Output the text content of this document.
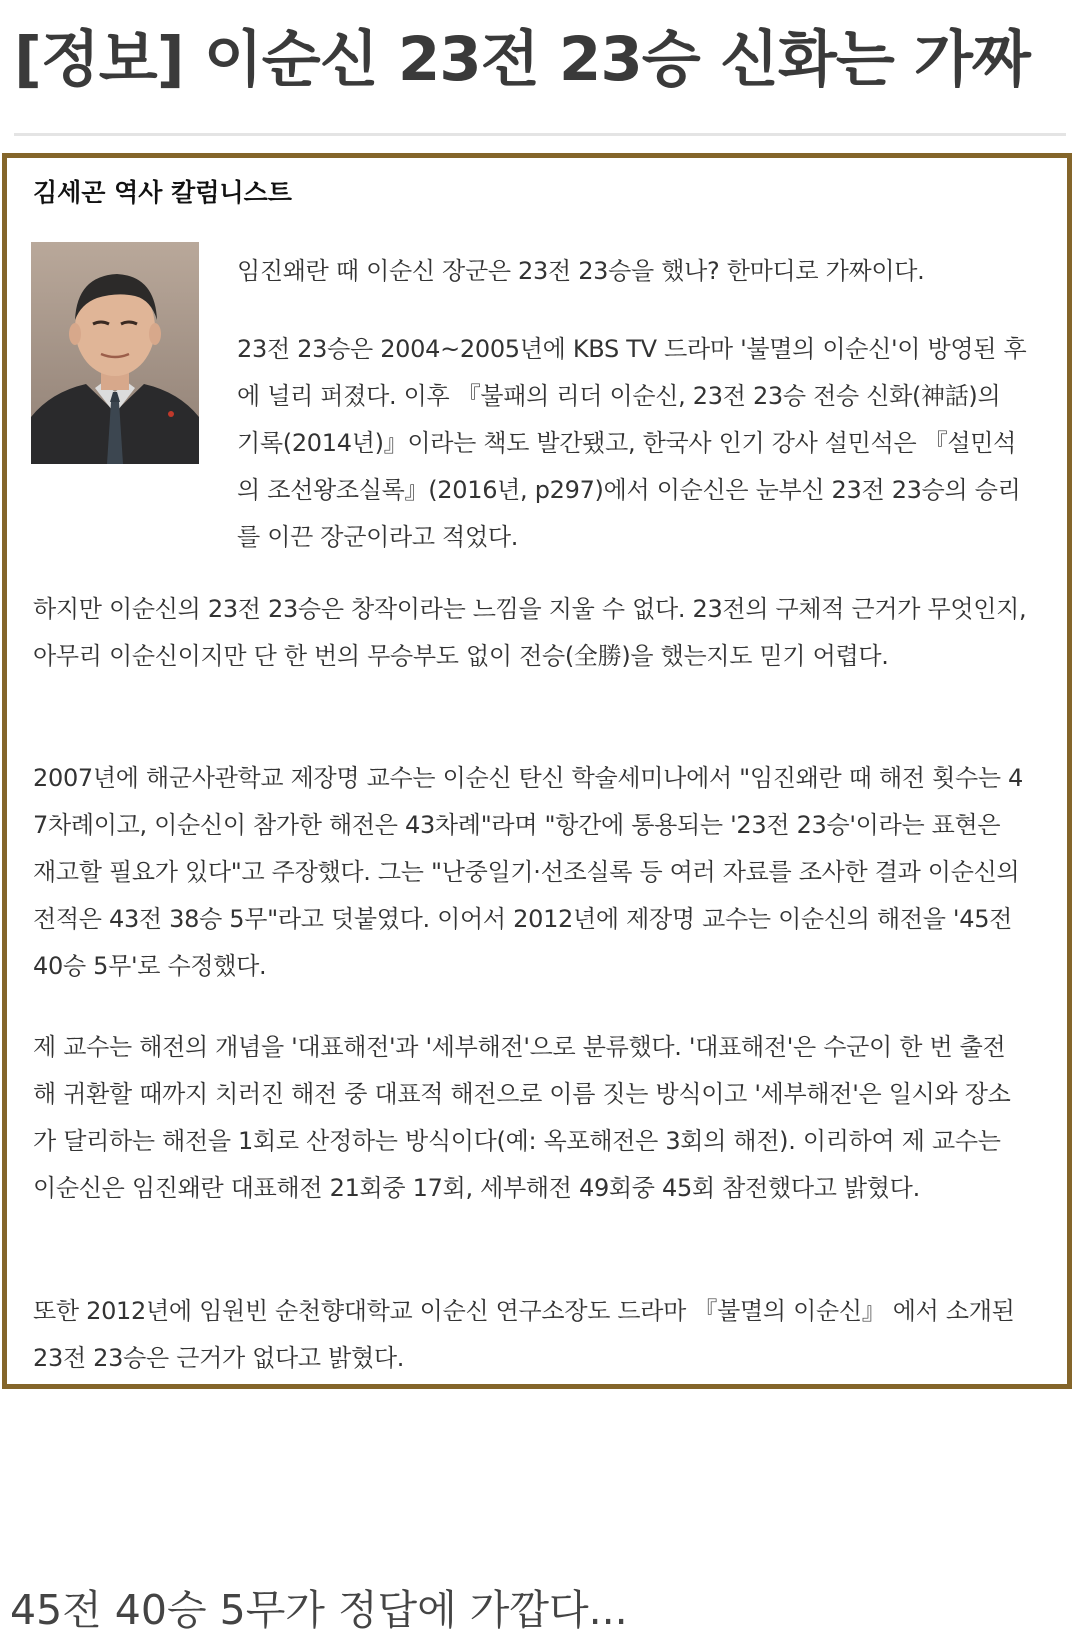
[정보] 이순신 23전 23승 신화는 가짜

김세곤 역사 칼럼니스트

임진왜란 때 이순신 장군은 23전 23승을 했나? 한마디로 가짜이다.

23전 23승은 2004~2005년에 KBS TV 드라마 '불멸의 이순신'이 방영된 후에 널리 퍼졌다. 이후 『불패의 리더 이순신, 23전 23승 전승 신화(神話)의 기록(2014년)』이라는 책도 발간됐고, 한국사 인기 강사 설민석은 『설민석의 조선왕조실록』(2016년, p297)에서 이순신은 눈부신 23전 23승의 승리를 이끈 장군이라고 적었다.

하지만 이순신의 23전 23승은 창작이라는 느낌을 지울 수 없다. 23전의 구체적 근거가 무엇인지, 아무리 이순신이지만 단 한 번의 무승부도 없이 전승(全勝)을 했는지도 믿기 어렵다.

2007년에 해군사관학교 제장명 교수는 이순신 탄신 학술세미나에서 "임진왜란 때 해전 횟수는 47차례이고, 이순신이 참가한 해전은 43차례"라며 "항간에 통용되는 '23전 23승'이라는 표현은 재고할 필요가 있다"고 주장했다. 그는 "난중일기·선조실록 등 여러 자료를 조사한 결과 이순신의 전적은 43전 38승 5무"라고 덧붙였다. 이어서 2012년에 제장명 교수는 이순신의 해전을 '45전 40승 5무'로 수정했다.

제 교수는 해전의 개념을 '대표해전'과 '세부해전'으로 분류했다. '대표해전'은 수군이 한 번 출전해 귀환할 때까지 치러진 해전 중 대표적 해전으로 이름 짓는 방식이고 '세부해전'은 일시와 장소가 달리하는 해전을 1회로 산정하는 방식이다(예: 옥포해전은 3회의 해전). 이리하여 제 교수는 이순신은 임진왜란 대표해전 21회중 17회, 세부해전 49회중 45회 참전했다고 밝혔다.

또한 2012년에 임원빈 순천향대학교 이순신 연구소장도 드라마 『불멸의 이순신』 에서 소개된 23전 23승은 근거가 없다고 밝혔다.

45전 40승 5무가 정답에 가깝다...
